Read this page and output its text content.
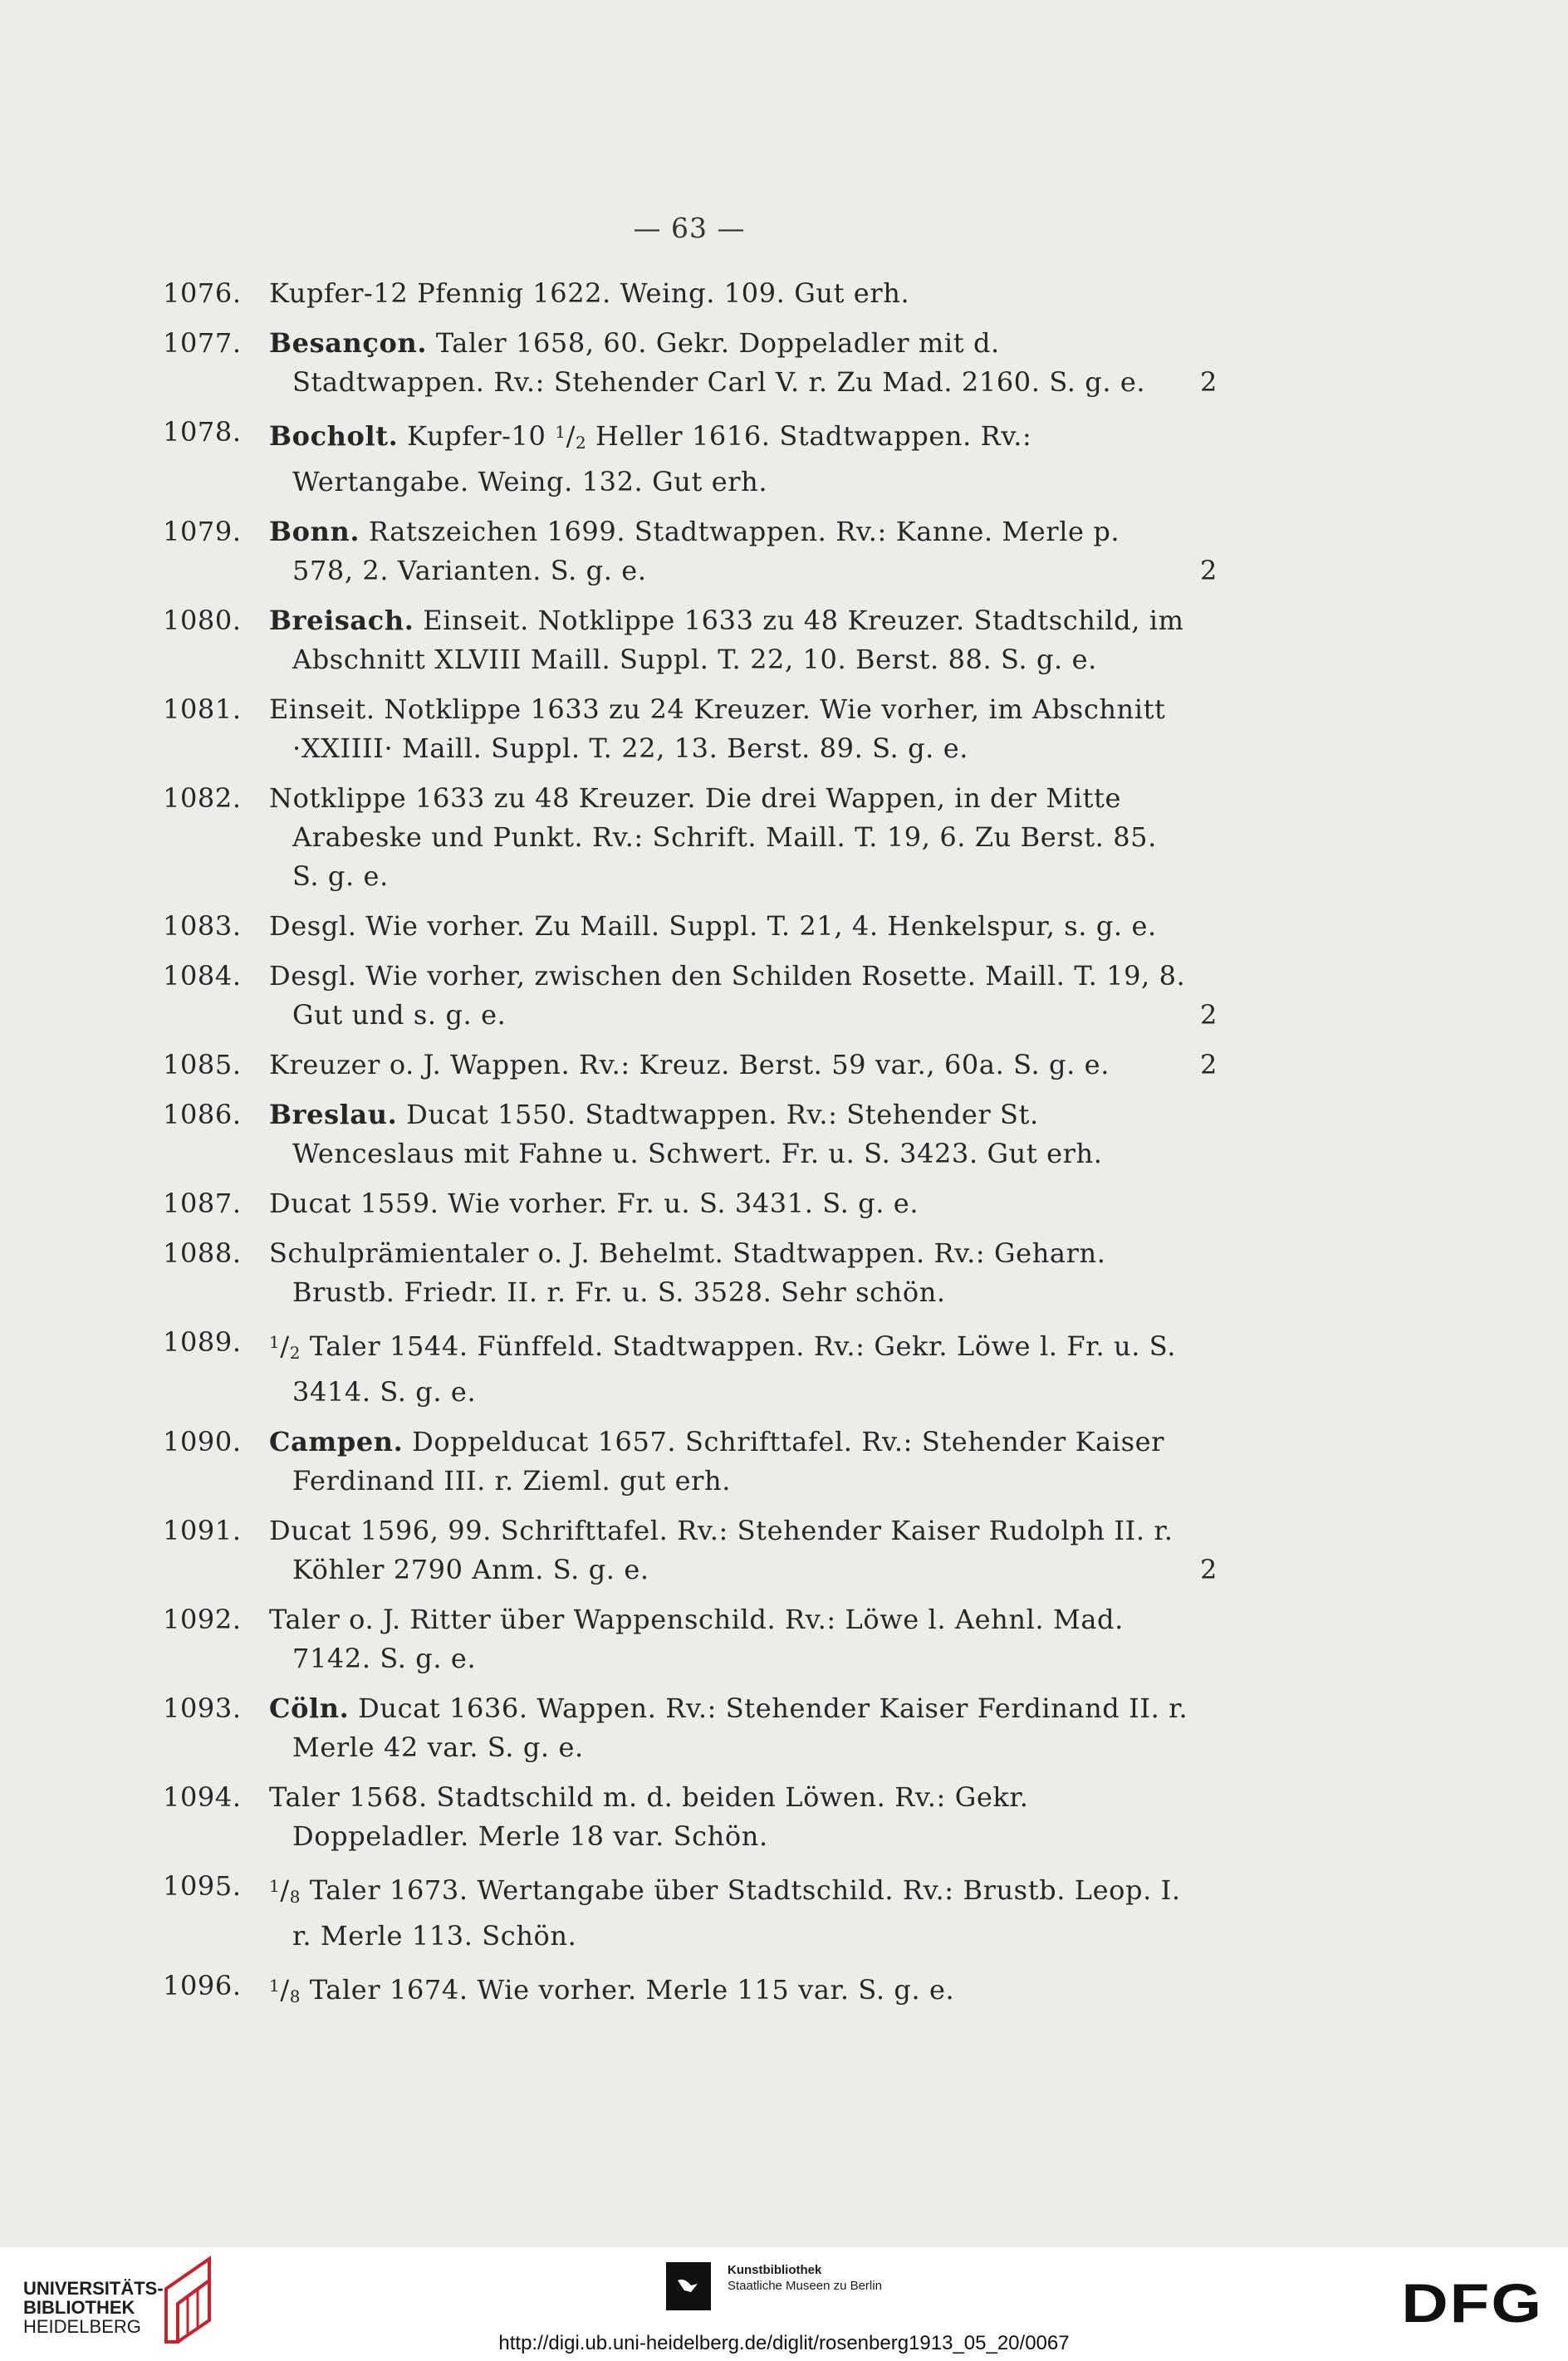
— 63 —
1076.	Kupfer-12 Pfennig 1622. Weing. 109. Gut erh.
1077.	Besançon. Taler 1658, 60. Gekr. Doppeladler mit d. Stadtwappen. Rv.: Stehender Carl V. r. Zu Mad. 2160. S. g. e.	2
1078.	Bocholt. Kupfer-10 $^1/_2$ Heller 1616. Stadtwappen. Rv.: Wertangabe. Weing. 132. Gut erh.
1079.	Bonn. Ratszeichen 1699. Stadtwappen. Rv.: Kanne. Merle p. 578, 2. Varianten. S. g. e.	2
1080.	Breisach. Einseit. Notklippe 1633 zu 48 Kreuzer. Stadtschild, im Abschnitt XLVIII Maill. Suppl. T. 22, 10. Berst. 88. S. g. e.
1081.	Einseit. Notklippe 1633 zu 24 Kreuzer. Wie vorher, im Abschnitt ·XXIIII· Maill. Suppl. T. 22, 13. Berst. 89. S. g. e.
1082.	Notklippe 1633 zu 48 Kreuzer. Die drei Wappen, in der Mitte Arabeske und Punkt. Rv.: Schrift. Maill. T. 19, 6. Zu Berst. 85. S. g. e.
1083.	Desgl. Wie vorher. Zu Maill. Suppl. T. 21, 4. Henkelspur, s. g. e.
1084.	Desgl. Wie vorher, zwischen den Schilden Rosette. Maill. T. 19, 8. Gut und s. g. e.	2
1085.	Kreuzer o. J. Wappen. Rv.: Kreuz. Berst. 59 var., 60a. S. g. e.	2
1086.	Breslau. Ducat 1550. Stadtwappen. Rv.: Stehender St. Wenceslaus mit Fahne u. Schwert. Fr. u. S. 3423. Gut erh.
1087.	Ducat 1559. Wie vorher. Fr. u. S. 3431. S. g. e.
1088.	Schulprämientaler o. J. Behelmt. Stadtwappen. Rv.: Geharn. Brustb. Friedr. II. r. Fr. u. S. 3528. Sehr schön.
1089.	$^1/_2$ Taler 1544. Fünffeld. Stadtwappen. Rv.: Gekr. Löwe l. Fr. u. S. 3414. S. g. e.
1090.	Campen. Doppelducat 1657. Schrifttafel. Rv.: Stehender Kaiser Ferdinand III. r. Zieml. gut erh.
1091.	Ducat 1596, 99. Schrifttafel. Rv.: Stehender Kaiser Rudolph II. r. Köhler 2790 Anm. S. g. e.	2
1092.	Taler o. J. Ritter über Wappenschild. Rv.: Löwe l. Aehnl. Mad. 7142. S. g. e.
1093.	Cöln. Ducat 1636. Wappen. Rv.: Stehender Kaiser Ferdinand II. r. Merle 42 var. S. g. e.
1094.	Taler 1568. Stadtschild m. d. beiden Löwen. Rv.: Gekr. Doppeladler. Merle 18 var. Schön.
1095.	$^1/_8$ Taler 1673. Wertangabe über Stadtschild. Rv.: Brustb. Leop. I. r. Merle 113. Schön.
1096.	$^1/_8$ Taler 1674. Wie vorher. Merle 115 var. S. g. e.
UNIVERSITÄTS-
BIBLIOTHEK
HEIDELBERG
Kunstbibliothek
Staatliche Museen zu Berlin	DFG
http://digi.ub.uni-heidelberg.de/diglit/rosenberg1913_05_20/0067
